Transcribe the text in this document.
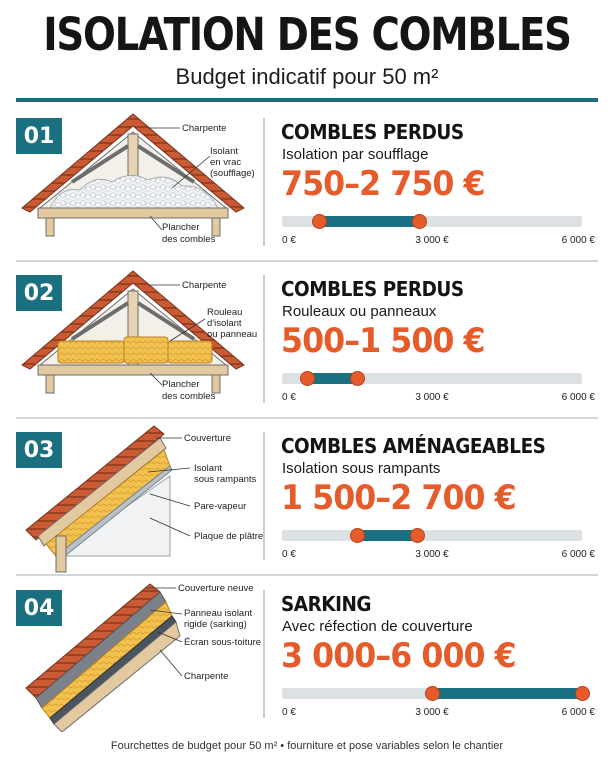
ISOLATION DES COMBLES
Budget indicatif pour 50 m²
Charpente
Isolant
en vrac
(soufflage)
Plancher
des combles
01	COMBLES PERDUS
Isolation par soufflage
750–2 750 €
0 €	3 000 €	6 000 €
Charpente
Rouleau
d'isolant
ou panneau
Plancher
des combles
02	COMBLES PERDUS
Rouleaux ou panneaux
500–1 500 €
0 €	3 000 €	6 000 €
Couverture
Isolant
sous rampants
Pare-vapeur
Plaque de plâtre
03	COMBLES AMÉNAGEABLES
Isolation sous rampants
1 500–2 700 €
0 €	3 000 €	6 000 €
Couverture neuve
Panneau isolant
rigide (sarking)
Écran sous-toiture
Charpente
04	SARKING
Avec réfection de couverture
3 000–6 000 €
0 €	3 000 €	6 000 €
Fourchettes de budget pour 50 m² • fourniture et pose variables selon le chantier
